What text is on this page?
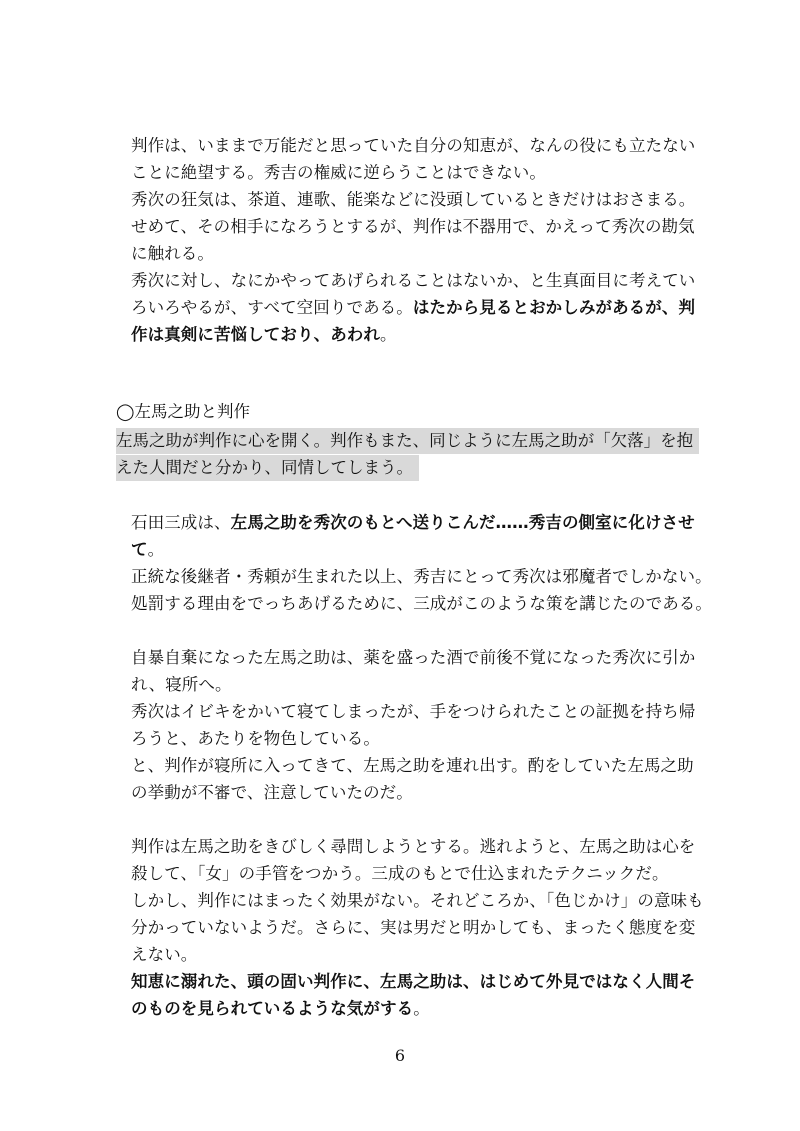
判作は、いままで万能だと思っていた自分の知恵が、なんの役にも立たない
ことに絶望する。秀吉の権威に逆らうことはできない。
秀次の狂気は、茶道、連歌、能楽などに没頭しているときだけはおさまる。
せめて、その相手になろうとするが、判作は不器用で、かえって秀次の勘気
に触れる。
秀次に対し、なにかやってあげられることはないか、と生真面目に考えてい
ろいろやるが、すべて空回りである。はたから見るとおかしみがあるが、判
作は真剣に苦悩しており、あわれ。
◯左馬之助と判作
左馬之助が判作に心を開く。判作もまた、同じように左馬之助が「欠落」を抱
えた人間だと分かり、同情してしまう。
石田三成は、左馬之助を秀次のもとへ送りこんだ……秀吉の側室に化けさせ
て。
正統な後継者・秀頼が生まれた以上、秀吉にとって秀次は邪魔者でしかない。
処罰する理由をでっちあげるために、三成がこのような策を講じたのである。
自暴自棄になった左馬之助は、薬を盛った酒で前後不覚になった秀次に引か
れ、寝所へ。
秀次はイビキをかいて寝てしまったが、手をつけられたことの証拠を持ち帰
ろうと、あたりを物色している。
と、判作が寝所に入ってきて、左馬之助を連れ出す。酌をしていた左馬之助
の挙動が不審で、注意していたのだ。
判作は左馬之助をきびしく尋問しようとする。逃れようと、左馬之助は心を
殺して、「女」の手管をつかう。三成のもとで仕込まれたテクニックだ。
しかし、判作にはまったく効果がない。それどころか、「色じかけ」の意味も
分かっていないようだ。さらに、実は男だと明かしても、まったく態度を変
えない。
知恵に溺れた、頭の固い判作に、左馬之助は、はじめて外見ではなく人間そ
のものを見られているような気がする。
6
